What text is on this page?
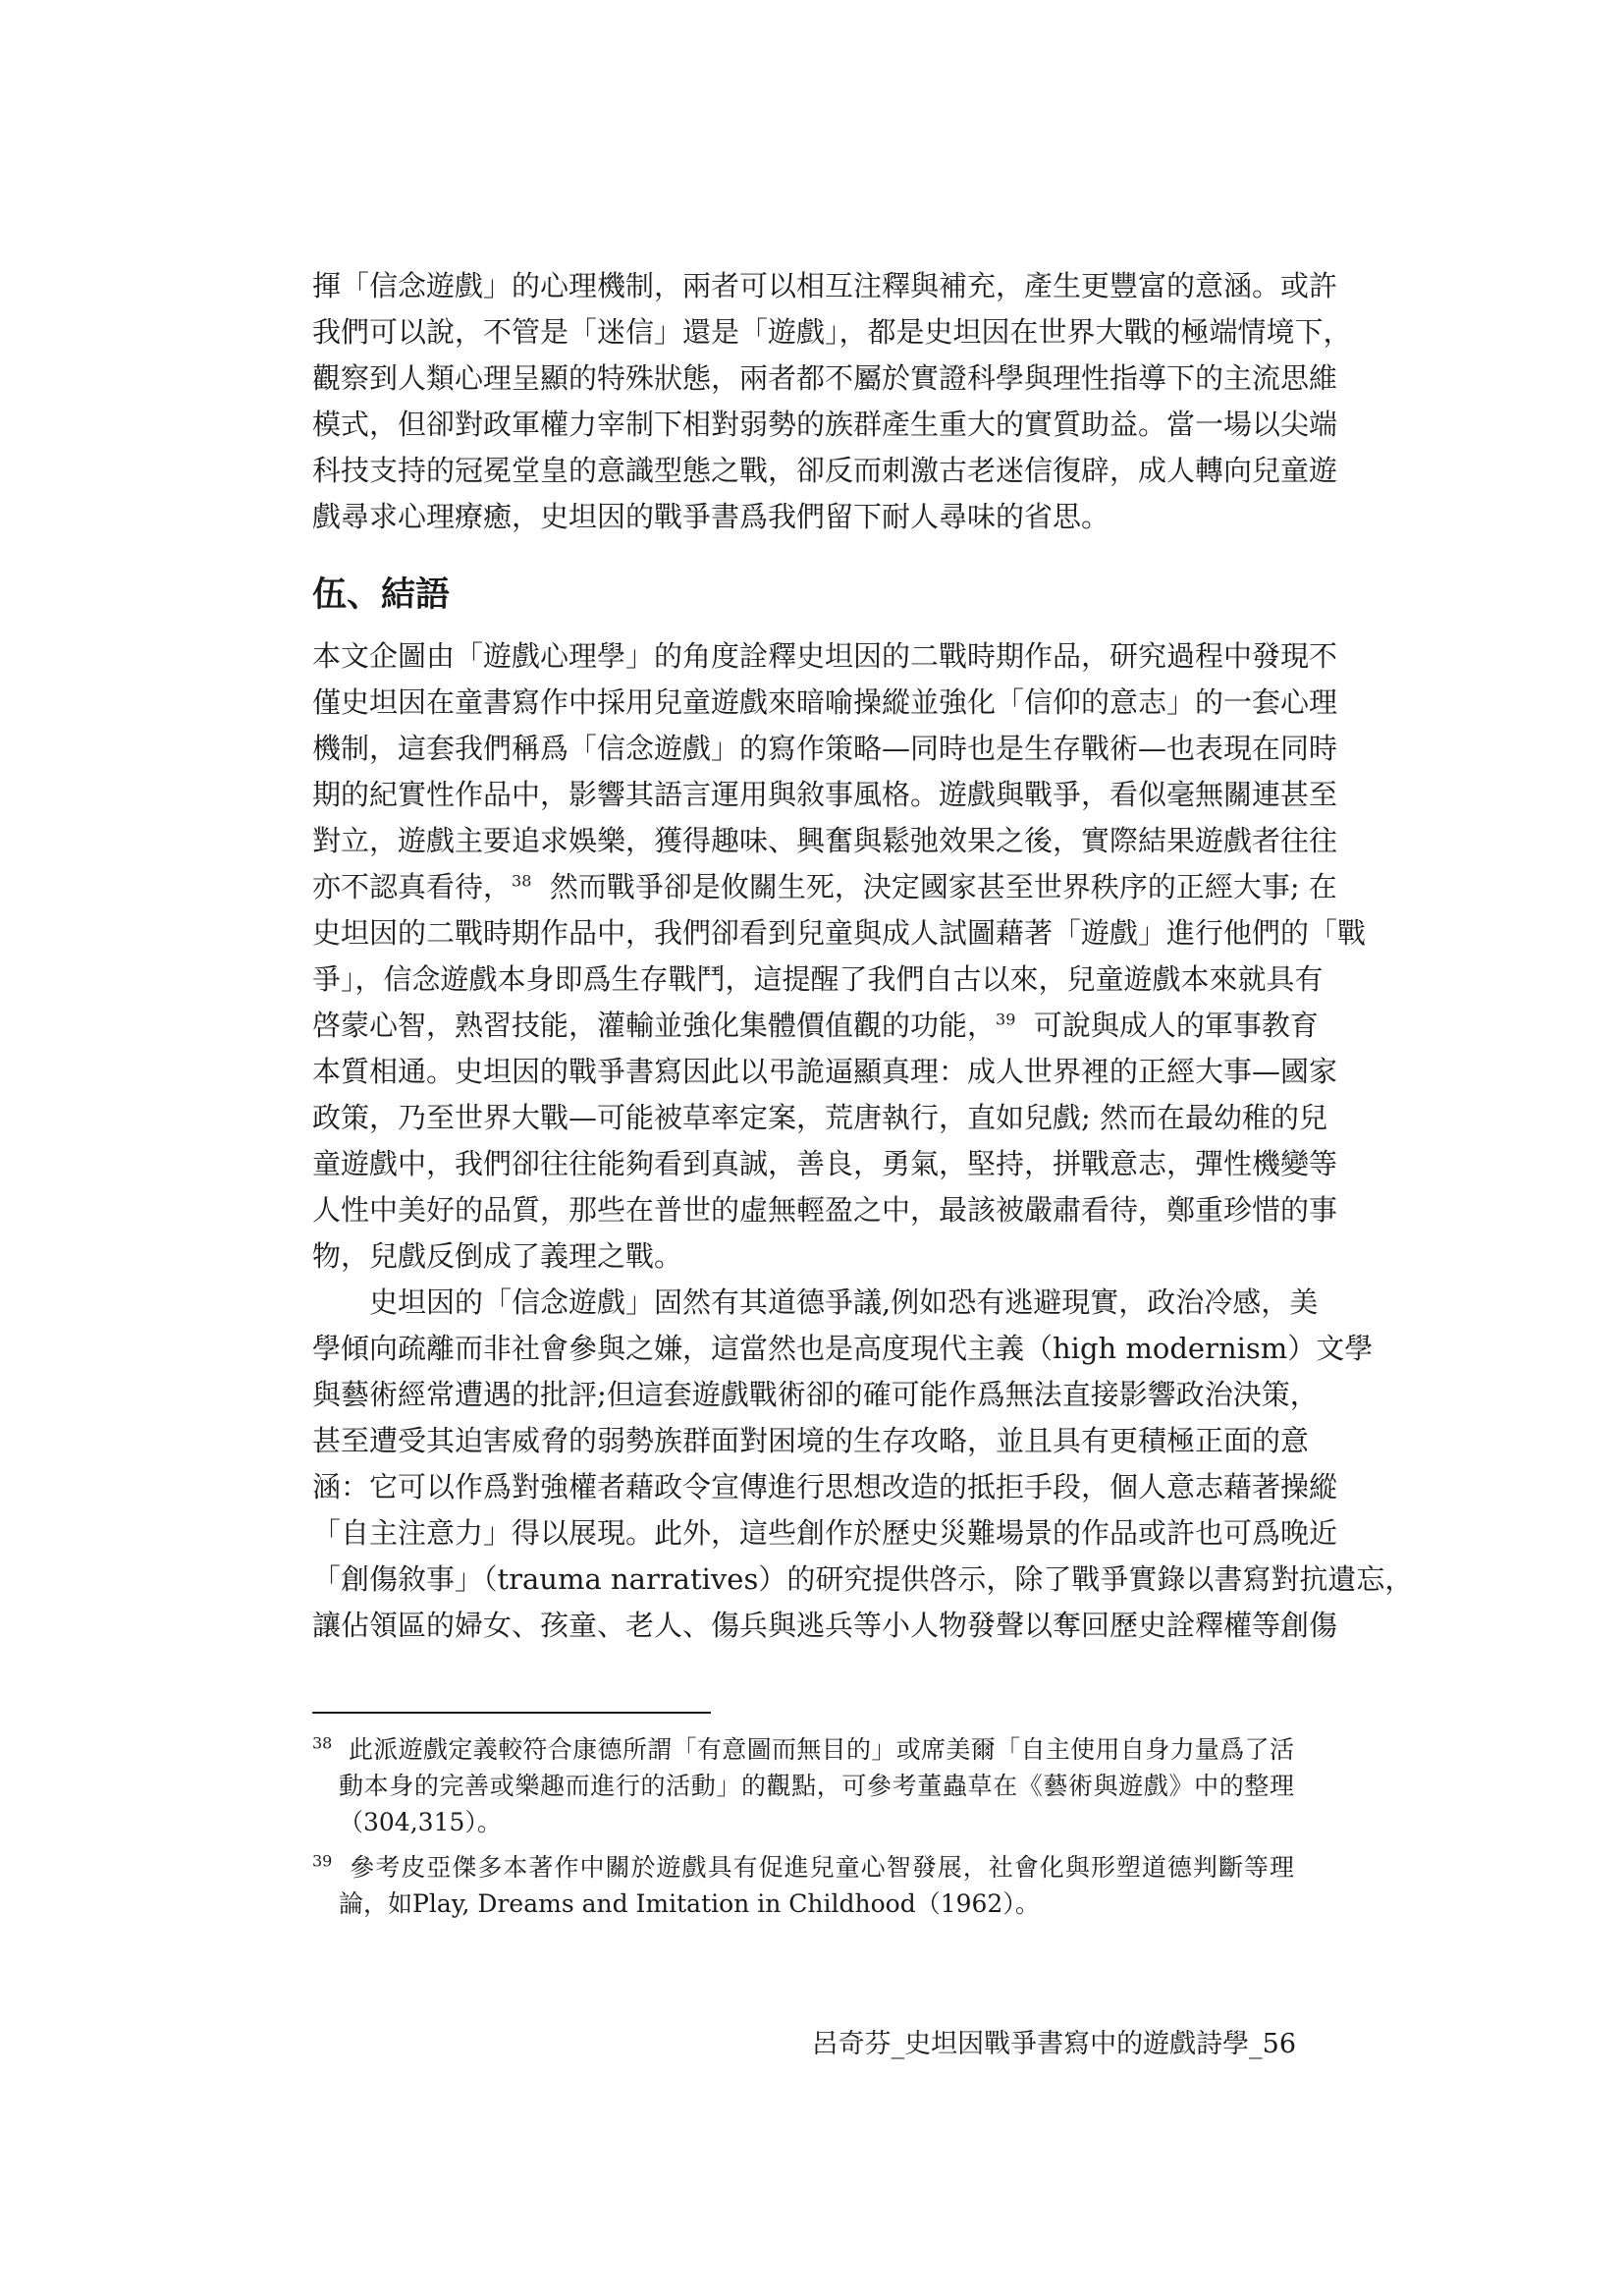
揮「信念遊戲」的心理機制，兩者可以相互注釋與補充，產生更豐富的意涵。或許
我們可以說，不管是「迷信」還是「遊戲」，都是史坦因在世界大戰的極端情境下，
觀察到人類心理呈顯的特殊狀態，兩者都不屬於實證科學與理性指導下的主流思維
模式，但卻對政軍權力宰制下相對弱勢的族群產生重大的實質助益。當一場以尖端
科技支持的冠冕堂皇的意識型態之戰，卻反而刺激古老迷信復辟，成人轉向兒童遊
戲尋求心理療癒，史坦因的戰爭書爲我們留下耐人尋味的省思。
伍、結語
本文企圖由「遊戲心理學」的角度詮釋史坦因的二戰時期作品，研究過程中發現不
僅史坦因在童書寫作中採用兒童遊戲來暗喻操縱並強化「信仰的意志」的一套心理
機制，這套我們稱爲「信念遊戲」的寫作策略—同時也是生存戰術—也表現在同時
期的紀實性作品中，影響其語言運用與敘事風格。遊戲與戰爭，看似毫無關連甚至
對立，遊戲主要追求娛樂，獲得趣味、興奮與鬆弛效果之後，實際結果遊戲者往往
亦不認真看待，$^{38}$ 然而戰爭卻是攸關生死，決定國家甚至世界秩序的正經大事; 在
史坦因的二戰時期作品中，我們卻看到兒童與成人試圖藉著「遊戲」進行他們的「戰
爭」，信念遊戲本身即爲生存戰鬥，這提醒了我們自古以來，兒童遊戲本來就具有
啓蒙心智，熟習技能，灌輸並強化集體價值觀的功能，$^{39}$ 可說與成人的軍事教育
本質相通。史坦因的戰爭書寫因此以弔詭逼顯真理：成人世界裡的正經大事—國家
政策，乃至世界大戰—可能被草率定案，荒唐執行，直如兒戲; 然而在最幼稚的兒
童遊戲中，我們卻往往能夠看到真誠，善良，勇氣，堅持，拼戰意志，彈性機變等
人性中美好的品質，那些在普世的虛無輕盈之中，最該被嚴肅看待，鄭重珍惜的事
物，兒戲反倒成了義理之戰。
史坦因的「信念遊戲」固然有其道德爭議,例如恐有逃避現實，政治冷感，美
學傾向疏離而非社會參與之嫌，這當然也是高度現代主義（high modernism）文學
與藝術經常遭遇的批評;但這套遊戲戰術卻的確可能作爲無法直接影響政治決策，
甚至遭受其迫害威脅的弱勢族群面對困境的生存攻略，並且具有更積極正面的意
涵：它可以作爲對強權者藉政令宣傳進行思想改造的抵拒手段，個人意志藉著操縱
「自主注意力」得以展現。此外，這些創作於歷史災難場景的作品或許也可爲晚近
「創傷敘事」（trauma narratives）的研究提供啓示，除了戰爭實錄以書寫對抗遺忘，
讓佔領區的婦女、孩童、老人、傷兵與逃兵等小人物發聲以奪回歷史詮釋權等創傷
$^{38}$ 此派遊戲定義較符合康德所謂「有意圖而無目的」或席美爾「自主使用自身力量爲了活
動本身的完善或樂趣而進行的活動」的觀點，可參考董蟲草在《藝術與遊戲》中的整理
（304,315）。
$^{39}$ 參考皮亞傑多本著作中關於遊戲具有促進兒童心智發展，社會化與形塑道德判斷等理
論，如Play, Dreams and Imitation in Childhood（1962）。
呂奇芬_史坦因戰爭書寫中的遊戲詩學_56
